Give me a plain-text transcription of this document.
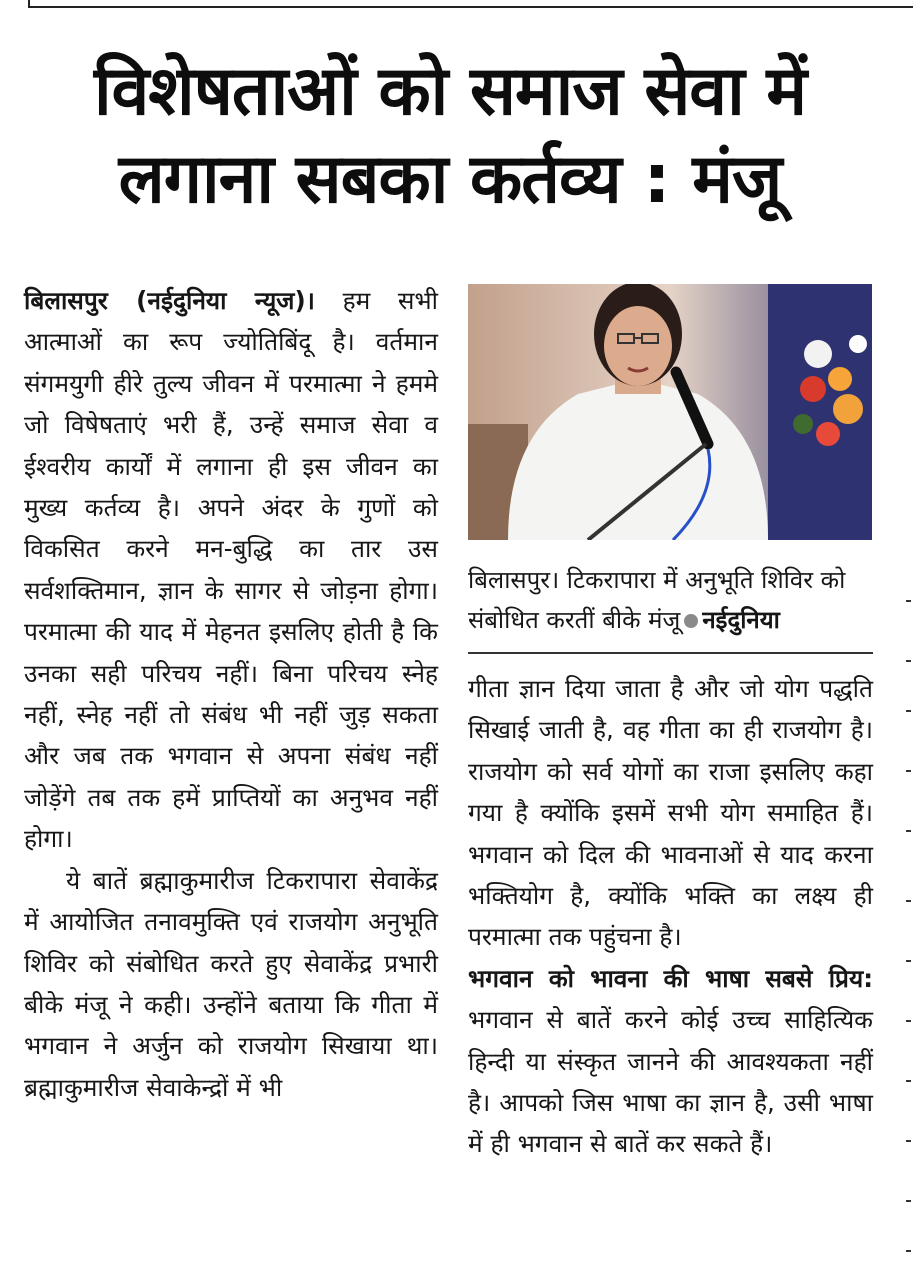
विशेषताओं को समाज सेवा में
लगाना सबका कर्तव्य : मंजू

बिलासपुर (नईदुनिया न्यूज)। हम सभी आत्माओं का रूप ज्योतिबिंदू है। वर्तमान संगमयुगी हीरे तुल्य जीवन में परमात्मा ने हममे जो विषेषताएं भरी हैं, उन्हें समाज सेवा व ईश्वरीय कार्यों में लगाना ही इस जीवन का मुख्य कर्तव्य है। अपने अंदर के गुणों को विकसित करने मन-बुद्धि का तार उस सर्वशक्तिमान, ज्ञान के सागर से जोड़ना होगा। परमात्मा की याद में मेहनत इसलिए होती है कि उनका सही परिचय नहीं। बिना परिचय स्नेह नहीं, स्नेह नहीं तो संबंध भी नहीं जुड़ सकता और जब तक भगवान से अपना संबंध नहीं जोड़ेंगे तब तक हमें प्राप्तियों का अनुभव नहीं होगा।

ये बातें ब्रह्माकुमारीज टिकरापारा सेवाकेंद्र में आयोजित तनावमुक्ति एवं राजयोग अनुभूति शिविर को संबोधित करते हुए सेवाकेंद्र प्रभारी बीके मंजू ने कही। उन्होंने बताया कि गीता में भगवान ने अर्जुन को राजयोग सिखाया था। ब्रह्माकुमारीज सेवाकेन्द्रों में भी

बिलासपुर। टिकरापारा में अनुभूति शिविर को संबोधित करतीं बीके मंजू नईदुनिया

गीता ज्ञान दिया जाता है और जो योग पद्धति सिखाई जाती है, वह गीता का ही राजयोग है। राजयोग को सर्व योगों का राजा इसलिए कहा गया है क्योंकि इसमें सभी योग समाहित हैं। भगवान को दिल की भावनाओं से याद करना भक्तियोग है, क्योंकि भक्ति का लक्ष्य ही परमात्मा तक पहुंचना है।

भगवान को भावना की भाषा सबसे प्रिय: भगवान से बातें करने कोई उच्च साहित्यिक हिन्दी या संस्कृत जानने की आवश्यकता नहीं है। आपको जिस भाषा का ज्ञान है, उसी भाषा में ही भगवान से बातें कर सकते हैं।
